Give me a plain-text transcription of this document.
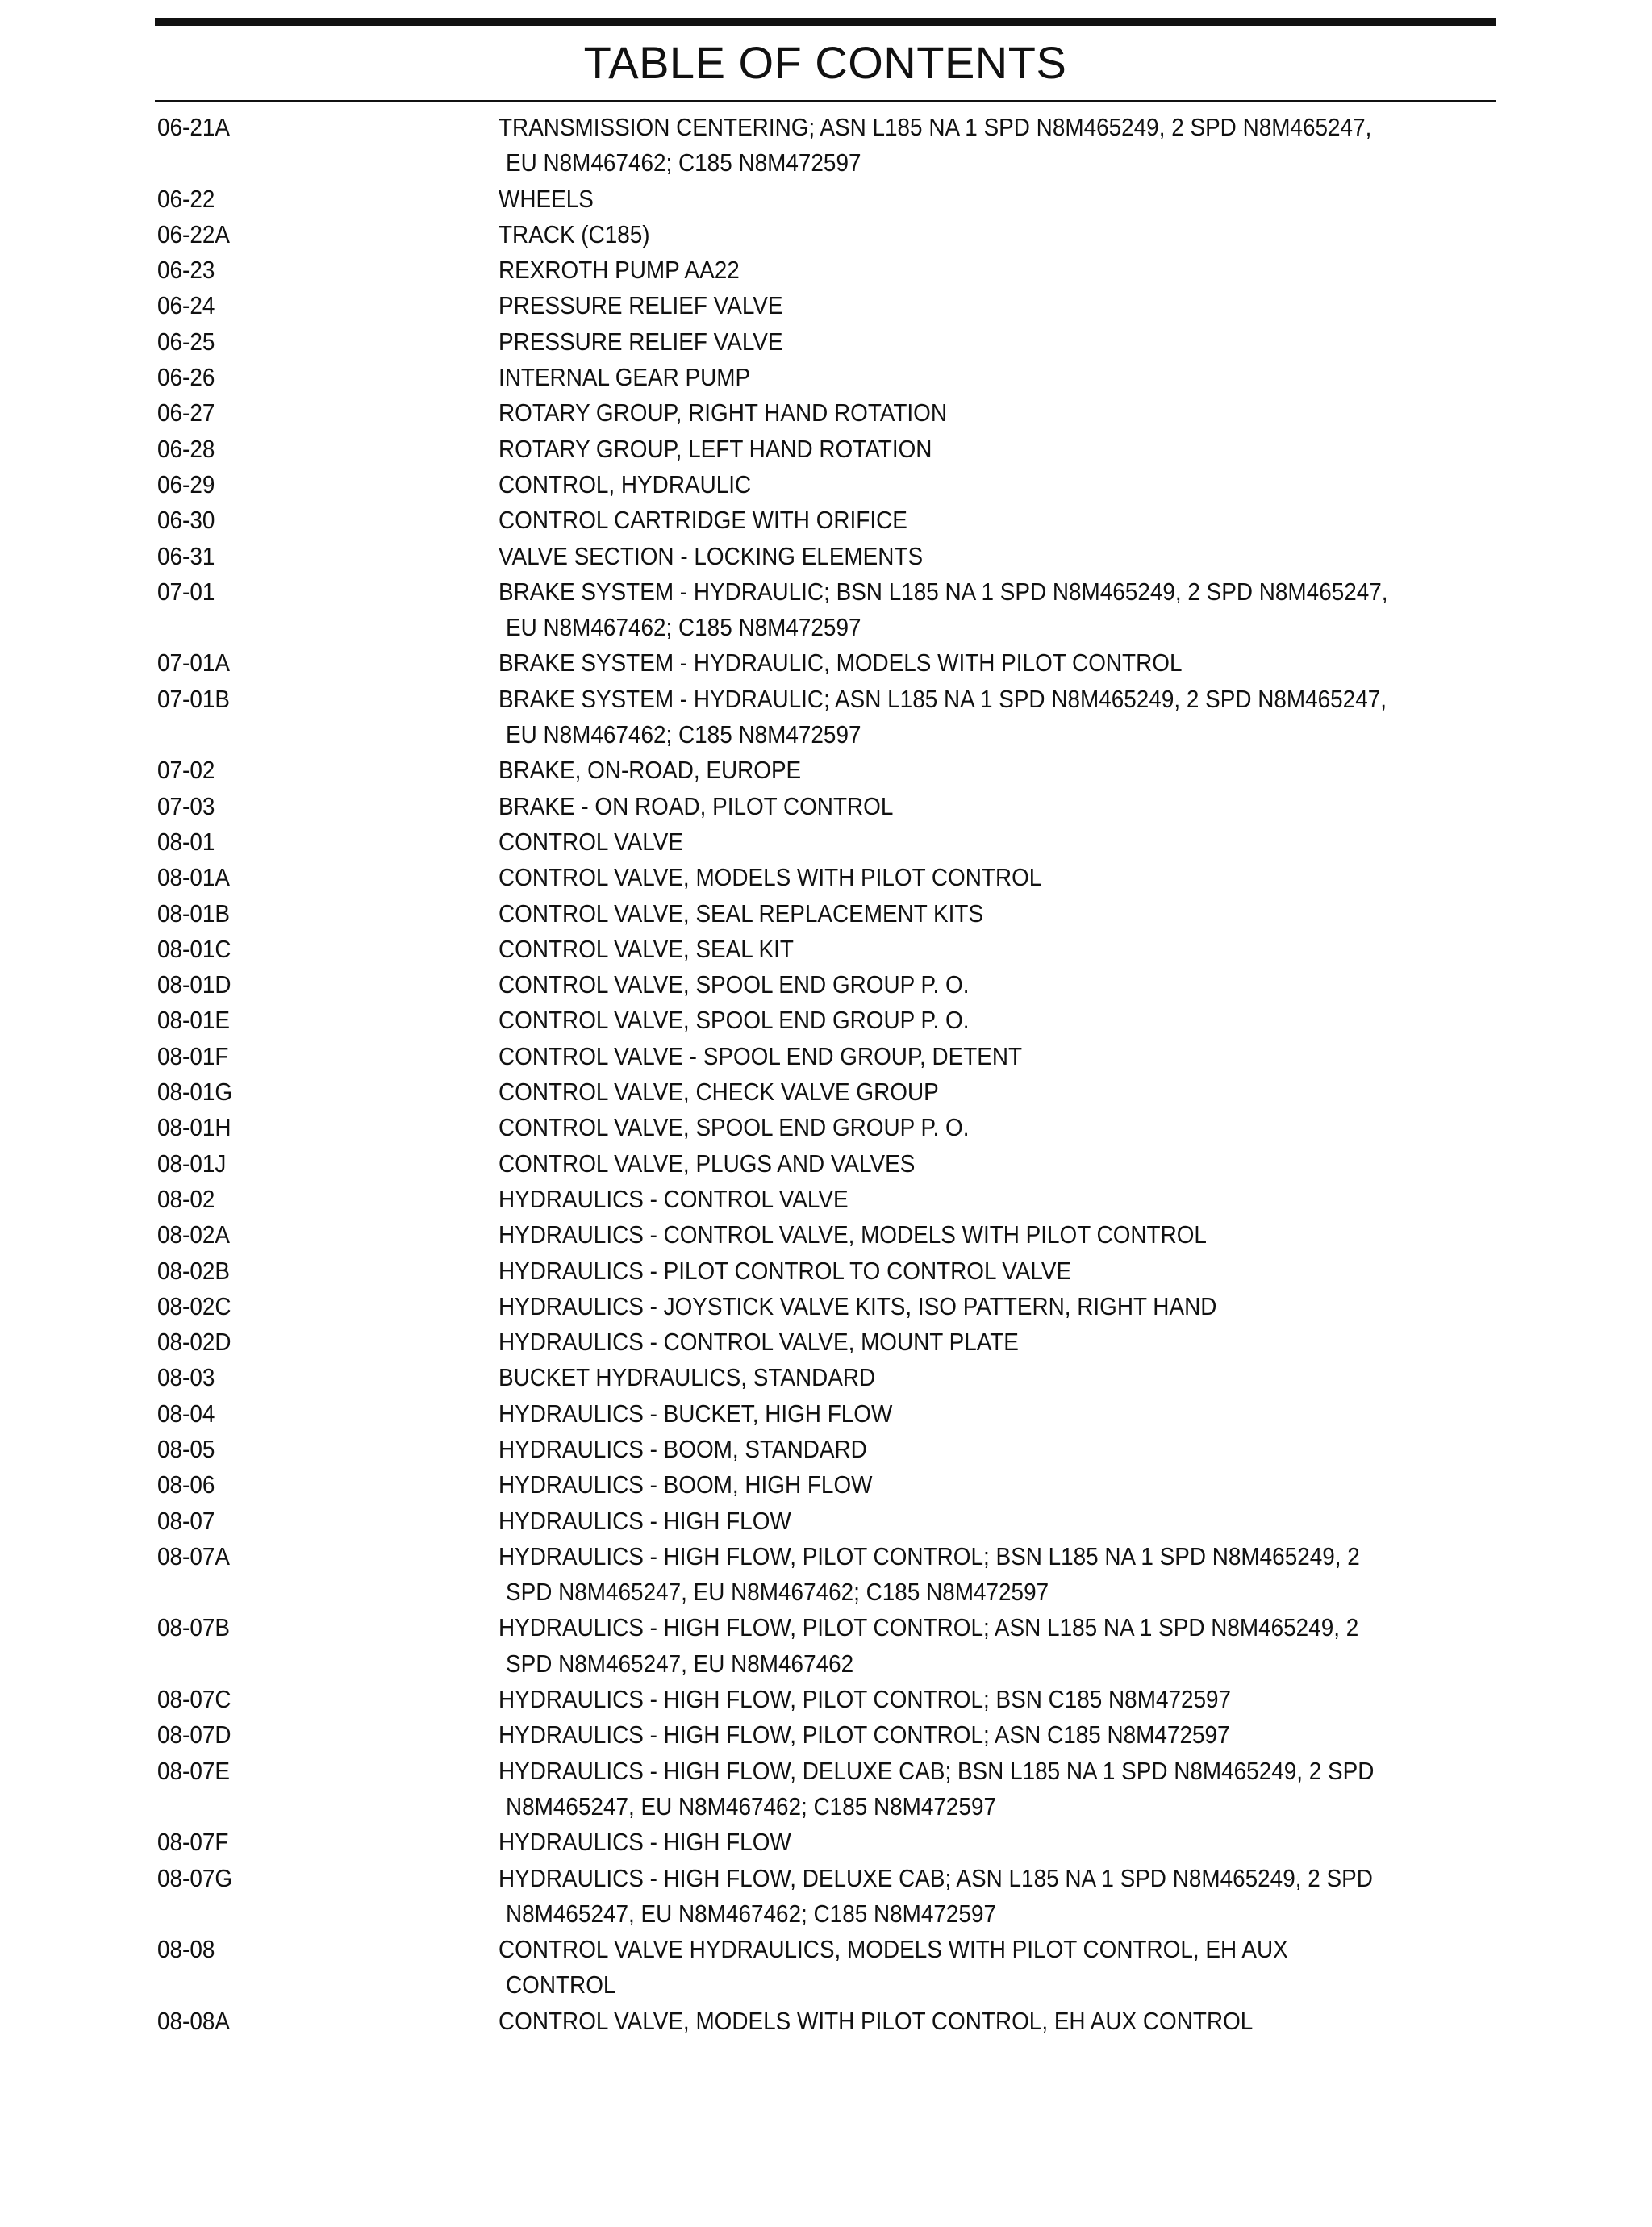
TABLE OF CONTENTS
06-21A	TRANSMISSION CENTERING; ASN L185 NA 1 SPD N8M465249, 2 SPD N8M465247,
EU N8M467462; C185 N8M472597
06-22	WHEELS
06-22A	TRACK (C185)
06-23	REXROTH PUMP AA22
06-24	PRESSURE RELIEF VALVE
06-25	PRESSURE RELIEF VALVE
06-26	INTERNAL GEAR PUMP
06-27	ROTARY GROUP, RIGHT HAND ROTATION
06-28	ROTARY GROUP, LEFT HAND ROTATION
06-29	CONTROL, HYDRAULIC
06-30	CONTROL CARTRIDGE WITH ORIFICE
06-31	VALVE SECTION - LOCKING ELEMENTS
07-01	BRAKE SYSTEM - HYDRAULIC; BSN L185 NA 1 SPD N8M465249, 2 SPD N8M465247,
EU N8M467462; C185 N8M472597
07-01A	BRAKE SYSTEM - HYDRAULIC, MODELS WITH PILOT CONTROL
07-01B	BRAKE SYSTEM - HYDRAULIC; ASN L185 NA 1 SPD N8M465249, 2 SPD N8M465247,
EU N8M467462; C185 N8M472597
07-02	BRAKE, ON-ROAD, EUROPE
07-03	BRAKE - ON ROAD, PILOT CONTROL
08-01	CONTROL VALVE
08-01A	CONTROL VALVE, MODELS WITH PILOT CONTROL
08-01B	CONTROL VALVE, SEAL REPLACEMENT KITS
08-01C	CONTROL VALVE, SEAL KIT
08-01D	CONTROL VALVE, SPOOL END GROUP P. O.
08-01E	CONTROL VALVE, SPOOL END GROUP P. O.
08-01F	CONTROL VALVE - SPOOL END GROUP, DETENT
08-01G	CONTROL VALVE, CHECK VALVE GROUP
08-01H	CONTROL VALVE, SPOOL END GROUP P. O.
08-01J	CONTROL VALVE, PLUGS AND VALVES
08-02	HYDRAULICS - CONTROL VALVE
08-02A	HYDRAULICS - CONTROL VALVE, MODELS WITH PILOT CONTROL
08-02B	HYDRAULICS - PILOT CONTROL TO CONTROL VALVE
08-02C	HYDRAULICS - JOYSTICK VALVE KITS, ISO PATTERN, RIGHT HAND
08-02D	HYDRAULICS - CONTROL VALVE, MOUNT PLATE
08-03	BUCKET HYDRAULICS, STANDARD
08-04	HYDRAULICS - BUCKET, HIGH FLOW
08-05	HYDRAULICS - BOOM, STANDARD
08-06	HYDRAULICS - BOOM, HIGH FLOW
08-07	HYDRAULICS - HIGH FLOW
08-07A	HYDRAULICS - HIGH FLOW, PILOT CONTROL; BSN L185 NA 1 SPD N8M465249, 2
SPD N8M465247, EU N8M467462; C185 N8M472597
08-07B	HYDRAULICS - HIGH FLOW, PILOT CONTROL; ASN L185 NA 1 SPD N8M465249, 2
SPD N8M465247, EU N8M467462
08-07C	HYDRAULICS - HIGH FLOW, PILOT CONTROL; BSN C185 N8M472597
08-07D	HYDRAULICS - HIGH FLOW, PILOT CONTROL; ASN C185 N8M472597
08-07E	HYDRAULICS - HIGH FLOW, DELUXE CAB; BSN L185 NA 1 SPD N8M465249, 2 SPD
N8M465247, EU N8M467462; C185 N8M472597
08-07F	HYDRAULICS - HIGH FLOW
08-07G	HYDRAULICS - HIGH FLOW, DELUXE CAB; ASN L185 NA 1 SPD N8M465249, 2 SPD
N8M465247, EU N8M467462; C185 N8M472597
08-08	CONTROL VALVE HYDRAULICS, MODELS WITH PILOT CONTROL, EH AUX
CONTROL
08-08A	CONTROL VALVE, MODELS WITH PILOT CONTROL, EH AUX CONTROL
